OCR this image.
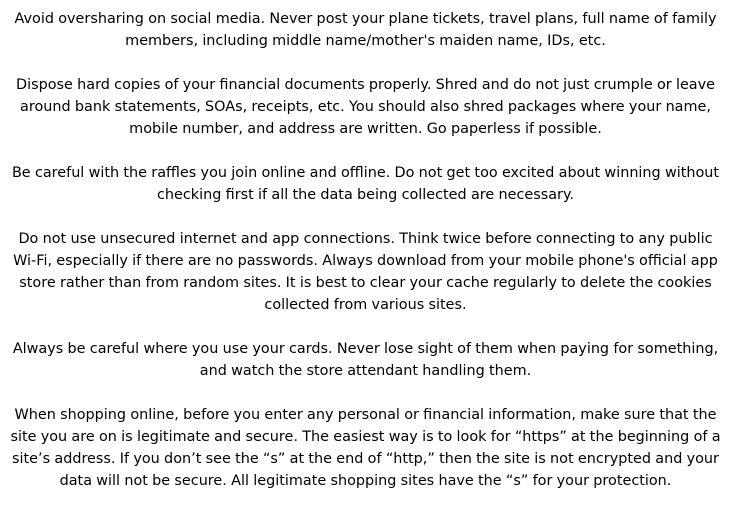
Avoid oversharing on social media. Never post your plane tickets, travel plans, full name of family members, including middle name/mother's maiden name, IDs, etc.

Dispose hard copies of your financial documents properly. Shred and do not just crumple or leave around bank statements, SOAs, receipts, etc. You should also shred packages where your name, mobile number, and address are written. Go paperless if possible.

Be careful with the raffles you join online and offline. Do not get too excited about winning without checking first if all the data being collected are necessary.

Do not use unsecured internet and app connections. Think twice before connecting to any public Wi-Fi, especially if there are no passwords. Always download from your mobile phone's official app store rather than from random sites. It is best to clear your cache regularly to delete the cookies collected from various sites.

Always be careful where you use your cards. Never lose sight of them when paying for something, and watch the store attendant handling them.

When shopping online, before you enter any personal or financial information, make sure that the site you are on is legitimate and secure. The easiest way is to look for “https” at the beginning of a site’s address. If you don’t see the “s” at the end of “http,” then the site is not encrypted and your data will not be secure. All legitimate shopping sites have the “s” for your protection.
